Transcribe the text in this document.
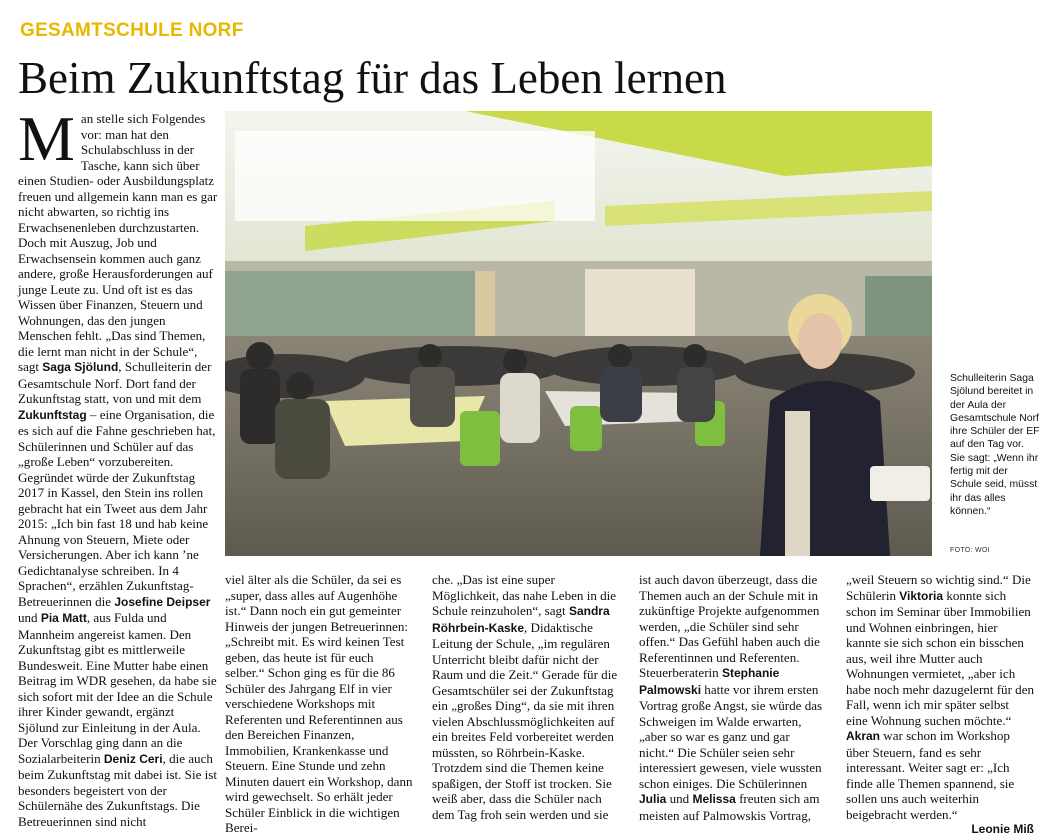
GESAMTSCHULE NORF
Beim Zukunftstag für das Leben lernen
M an stelle sich Folgendes vor: man hat den Schulabschluss in der Tasche, kann sich über einen Studien- oder Ausbildungsplatz freuen und allgemein kann man es gar nicht abwarten, so richtig ins Erwachsenenleben durchzustarten. Doch mit Auszug, Job und Erwachsensein kommen auch ganz andere, große Herausforderungen auf junge Leute zu. Und oft ist es das Wissen über Finanzen, Steuern und Wohnungen, das den jungen Menschen fehlt. „Das sind Themen, die lernt man nicht in der Schule“, sagt Saga Sjölund, Schulleiterin der Gesamtschule Norf. Dort fand der Zukunftstag statt, von und mit dem Zukunftstag – eine Organisation, die es sich auf die Fahne geschrieben hat, Schülerinnen und Schüler auf das „große Leben“ vorzubereiten. Gegründet würde der Zukunftstag 2017 in Kassel, den Stein ins rollen gebracht hat ein Tweet aus dem Jahr 2015: „Ich bin fast 18 und hab keine Ahnung von Steuern, Miete oder Versicherungen. Aber ich kann ’ne Gedichtanalyse schreiben. In 4 Sprachen“, erzählen Zukunftstag-Betreuerinnen die Josefine Deipser und Pia Matt, aus Fulda und Mannheim angereist kamen. Den Zukunftstag gibt es mittlerweile Bundesweit. Eine Mutter habe einen Beitrag im WDR gesehen, da habe sie sich sofort mit der Idee an die Schule ihrer Kinder gewandt, ergänzt Sjölund zur Einleitung in der Aula. Der Vorschlag ging dann an die Sozialarbeiterin Deniz Ceri, die auch beim Zukunftstag mit dabei ist. Sie ist besonders begeistert von der Schülernähe des Zukunftstags. Die Betreuerinnen sind nicht
Schulleiterin Saga Sjölund bereitet in der Aula der Gesamtschule Norf ihre Schüler der EF auf den Tag vor. Sie sagt: „Wenn ihr fertig mit der Schule seid, müsst ihr das alles können.“
FOTO: WOI
viel älter als die Schüler, da sei es „super, dass alles auf Augenhöhe ist.“ Dann noch ein gut gemeinter Hinweis der jungen Betreuerinnen: „Schreibt mit. Es wird keinen Test geben, das heute ist für euch selber.“ Schon ging es für die 86 Schüler des Jahrgang Elf in vier verschiedene Workshops mit Referenten und Referentinnen aus den Bereichen Finanzen, Immobilien, Krankenkasse und Steuern. Eine Stunde und zehn Minuten dauert ein Workshop, dann wird gewechselt. So erhält jeder Schüler Einblick in die wichtigen Berei-
che. „Das ist eine super Möglichkeit, das nahe Leben in die Schule reinzuholen“, sagt Sandra Röhrbein-Kaske, Didaktische Leitung der Schule, „im regulären Unterricht bleibt dafür nicht der Raum und die Zeit.“ Gerade für die Gesamtschüler sei der Zukunftstag ein „großes Ding“, da sie mit ihren vielen Abschlussmöglichkeiten auf ein breites Feld vorbereitet werden müssten, so Röhrbein-Kaske. Trotzdem sind die Themen keine spaßigen, der Stoff ist trocken. Sie weiß aber, dass die Schüler nach dem Tag froh sein werden und sie
ist auch davon überzeugt, dass die Themen auch an der Schule mit in zukünftige Projekte aufgenommen werden, „die Schüler sind sehr offen.“ Das Gefühl haben auch die Referentinnen und Referenten. Steuerberaterin Stephanie Palmowski hatte vor ihrem ersten Vortrag große Angst, sie würde das Schweigen im Walde erwarten, „aber so war es ganz und gar nicht.“ Die Schüler seien sehr interessiert gewesen, viele wussten schon einiges. Die Schülerinnen Julia und Melissa freuten sich am meisten auf Palmowskis Vortrag,
„weil Steuern so wichtig sind.“ Die Schülerin Viktoria konnte sich schon im Seminar über Immobilien und Wohnen einbringen, hier kannte sie sich schon ein bisschen aus, weil ihre Mutter auch Wohnungen vermietet, „aber ich habe noch mehr dazugelernt für den Fall, wenn ich mir später selbst eine Wohnung suchen möchte.“ Akran war schon im Workshop über Steuern, fand es sehr interessant. Weiter sagt er: „Ich finde alle Themen spannend, sie sollen uns auch weiterhin beigebracht werden.“
Leonie Miß
